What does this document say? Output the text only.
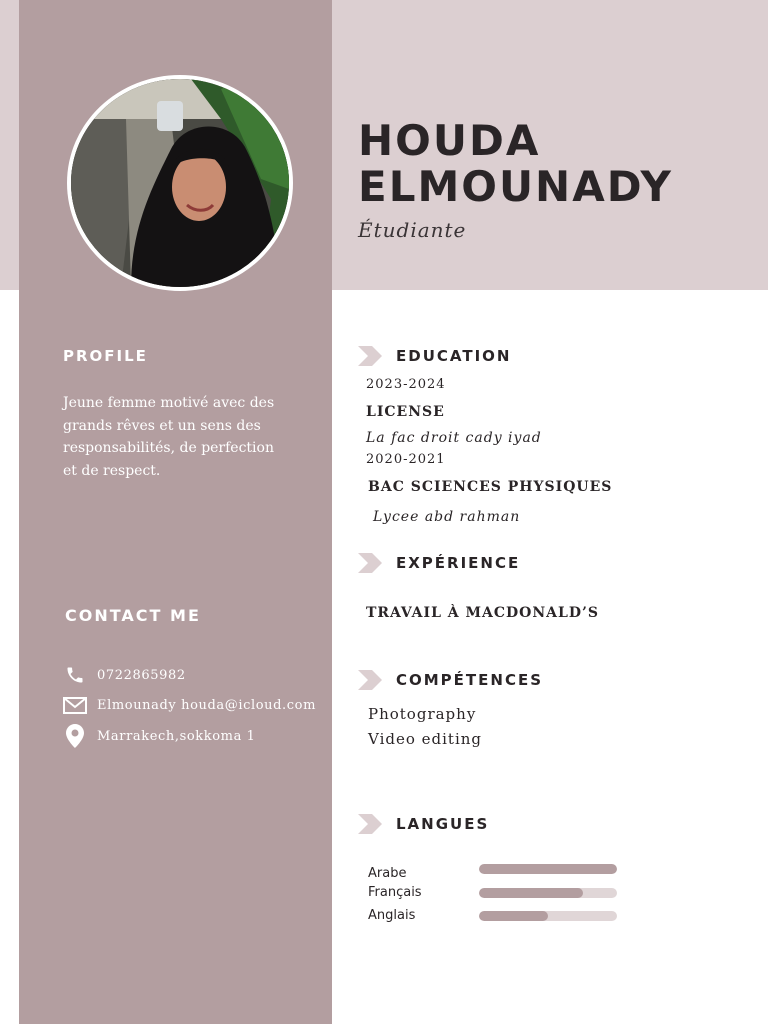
HOUDA
ELMOUNADY
Étudiante
PROFILE
Jeune femme motivé avec des grands rêves et un sens des responsabilités, de perfection et de respect.
CONTACT ME
0722865982
Elmounady houda@icloud.com
Marrakech,sokkoma 1
EDUCATION
2023-2024
LICENSE
La fac droit cady iyad
2020-2021
BAC SCIENCES PHYSIQUES
Lycee abd rahman
EXPÉRIENCE
TRAVAIL À MACDONALD’S
COMPÉTENCES
Photography
Video editing
LANGUES
Arabe
Français
Anglais
